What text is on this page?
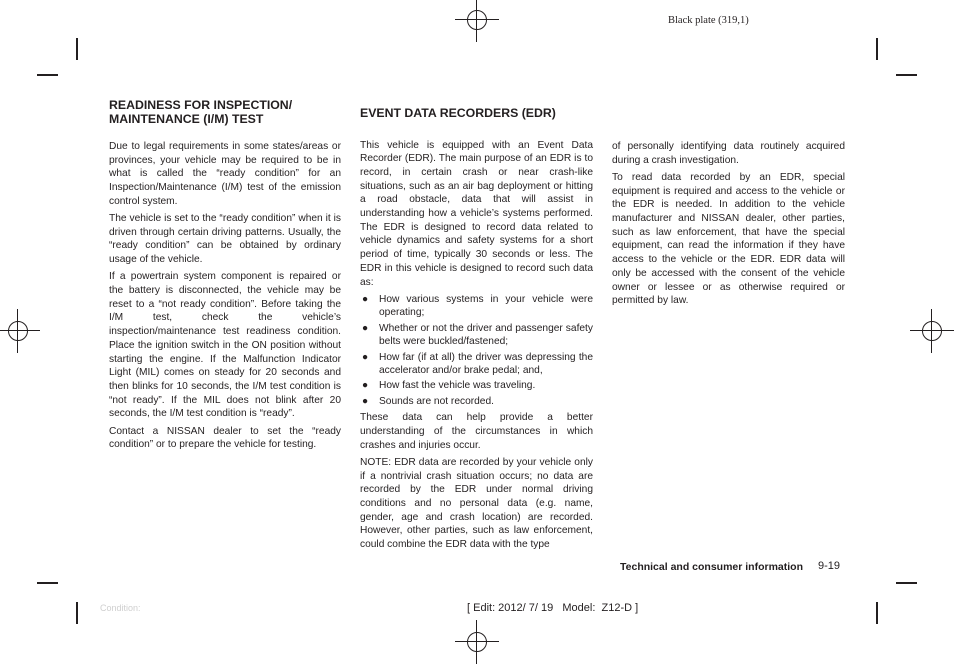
Black plate (319,1)
READINESS FOR INSPECTION/
MAINTENANCE (I/M) TEST

Due to legal requirements in some states/areas or provinces, your vehicle may be required to be in what is called the “ready condition” for an Inspection/Maintenance (I/M) test of the emission control system.

The vehicle is set to the “ready condition” when it is driven through certain driving patterns. Usually, the “ready condition” can be obtained by ordinary usage of the vehicle.

If a powertrain system component is repaired or the battery is disconnected, the vehicle may be reset to a “not ready condition”. Before taking the I/M test, check the vehicle’s inspection/maintenance test readiness condition. Place the ignition switch in the ON position without starting the engine. If the Malfunction Indicator Light (MIL) comes on steady for 20 seconds and then blinks for 10 seconds, the I/M test condition is “not ready”. If the MIL does not blink after 20 seconds, the I/M test condition is “ready”.

Contact a NISSAN dealer to set the “ready condition” or to prepare the vehicle for testing.

EVENT DATA RECORDERS (EDR)

This vehicle is equipped with an Event Data Recorder (EDR). The main purpose of an EDR is to record, in certain crash or near crash-like situations, such as an air bag deployment or hitting a road obstacle, data that will assist in understanding how a vehicle’s systems performed. The EDR is designed to record data related to vehicle dynamics and safety systems for a short period of time, typically 30 seconds or less. The EDR in this vehicle is designed to record such data as:

● How various systems in your vehicle were operating;
● Whether or not the driver and passenger safety belts were buckled/fastened;
● How far (if at all) the driver was depressing the accelerator and/or brake pedal; and,
● How fast the vehicle was traveling.
● Sounds are not recorded.

These data can help provide a better understanding of the circumstances in which crashes and injuries occur.

NOTE: EDR data are recorded by your vehicle only if a nontrivial crash situation occurs; no data are recorded by the EDR under normal driving conditions and no personal data (e.g. name, gender, age and crash location) are recorded. However, other parties, such as law enforcement, could combine the EDR data with the type

of personally identifying data routinely acquired during a crash investigation.

To read data recorded by an EDR, special equipment is required and access to the vehicle or the EDR is needed. In addition to the vehicle manufacturer and NISSAN dealer, other parties, such as law enforcement, that have the special equipment, can read the information if they have access to the vehicle or the EDR. EDR data will only be accessed with the consent of the vehicle owner or lessee or as otherwise required or permitted by law.

Technical and consumer information 9-19
Condition:	[ Edit: 2012/ 7/ 19   Model:  Z12-D ]
